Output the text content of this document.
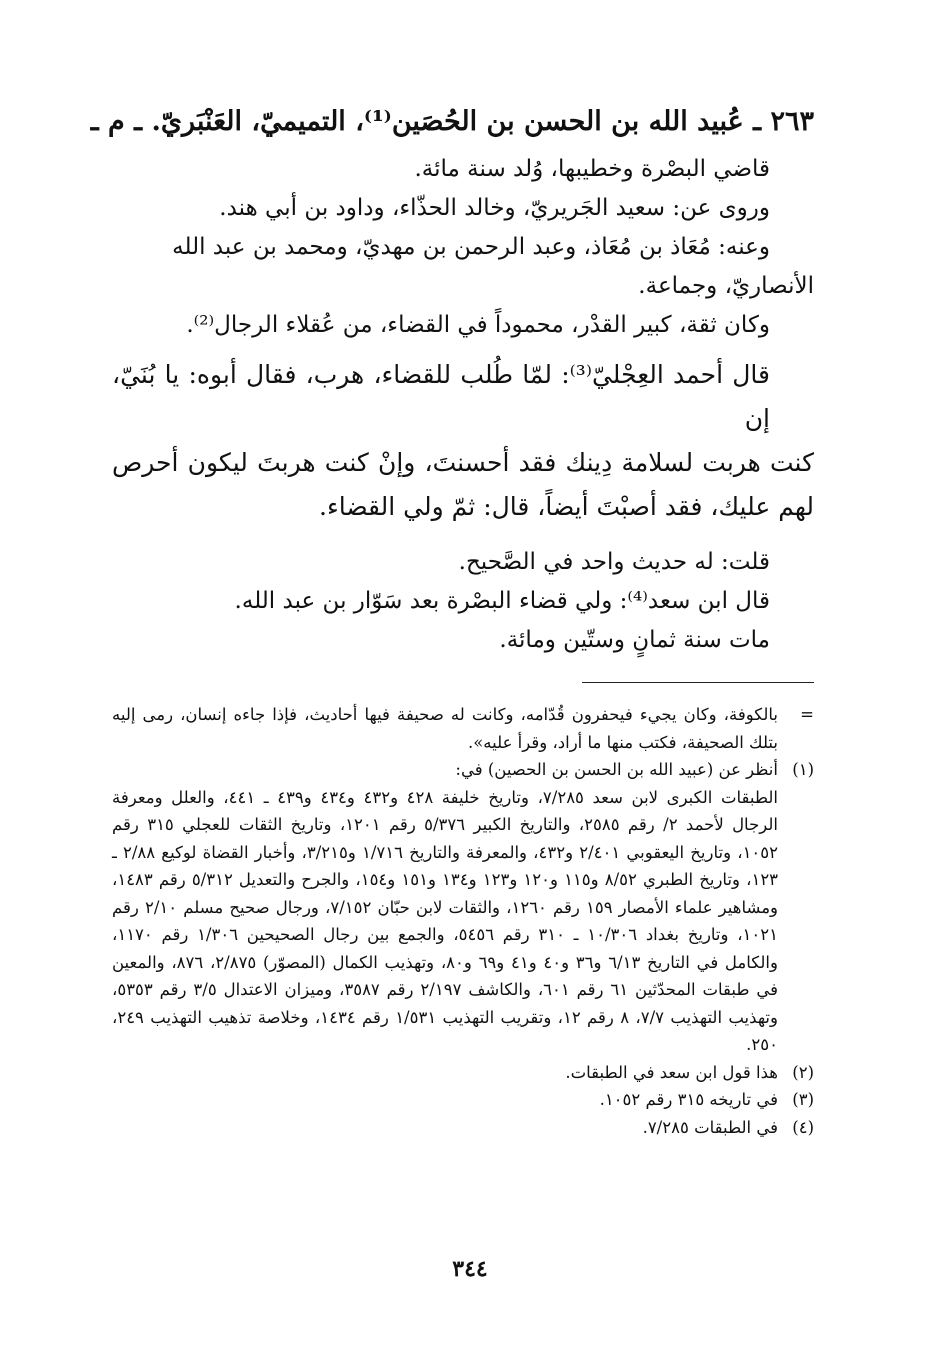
٢٦٣ ـ عُبيد الله بن الحسن بن الحُصَين⁽¹⁾، التميميّ، العَنْبَريّ. ـ م ـ

قاضي البصْرة وخطيبها، وُلد سنة مائة.

وروى عن: سعيد الجَريريّ، وخالد الحذّاء، وداود بن أبي هند.

وعنه: مُعَاذ بن مُعَاذ، وعبد الرحمن بن مهديّ، ومحمد بن عبد الله

الأنصاريّ، وجماعة.

وكان ثقة، كبير القدْر، محموداً في القضاء، من عُقلاء الرجال⁽²⁾.

قال أحمد العِجْليّ⁽³⁾: لمّا طُلب للقضاء، هرب، فقال أبوه: يا بُنَيّ، إن
كنت هربت لسلامة دِينك فقد أحسنتَ، وإنْ كنت هربتَ ليكون أحرص لهم عليك، فقد أصبْتَ أيضاً، قال: ثمّ ولي القضاء.

قلت: له حديث واحد في الصَّحيح.

قال ابن سعد⁽⁴⁾: ولي قضاء البصْرة بعد سَوّار بن عبد الله.

مات سنة ثمانٍ وستّين ومائة.

=
بالكوفة، وكان يجيء فيحفرون قُدّامه، وكانت له صحيفة فيها أحاديث، فإذا جاءه إنسان، رمى إليه بتلك الصحيفة، فكتب منها ما أراد، وقرأ عليه».
(١)
أنظر عن (عبيد الله بن الحسن بن الحصين) في:
الطبقات الكبرى لابن سعد ٧/٢٨٥، وتاريخ خليفة ٤٢٨ و٤٣٢ و٤٣٤ و٤٣٩ ـ ٤٤١، والعلل ومعرفة الرجال لأحمد ٢/ رقم ٢٥٨٥، والتاريخ الكبير ٥/٣٧٦ رقم ١٢٠١، وتاريخ الثقات للعجلي ٣١٥ رقم ١٠٥٢، وتاريخ اليعقوبي ٢/٤٠١ و٤٣٢، والمعرفة والتاريخ ١/٧١٦ و٣/٢١٥، وأخبار القضاة لوكيع ٢/٨٨ ـ ١٢٣، وتاريخ الطبري ٨/٥٢ و١١٥ و١٢٠ و١٢٣ و١٣٤ و١٥١ و١٥٤، والجرح والتعديل ٥/٣١٢ رقم ١٤٨٣، ومشاهير علماء الأمصار ١٥٩ رقم ١٢٦٠، والثقات لابن حبّان ٧/١٥٢، ورجال صحيح مسلم ٢/١٠ رقم ١٠٢١، وتاريخ بغداد ١٠/٣٠٦ ـ ٣١٠ رقم ٥٤٥٦، والجمع بين رجال الصحيحين ١/٣٠٦ رقم ١١٧٠، والكامل في التاريخ ٦/١٣ و٣٦ و٤٠ و٤١ و٦٩ و٨٠، وتهذيب الكمال (المصوّر) ٢/٨٧٥، ٨٧٦، والمعين في طبقات المحدّثين ٦١ رقم ٦٠١، والكاشف ٢/١٩٧ رقم ٣٥٨٧، وميزان الاعتدال ٣/٥ رقم ٥٣٥٣، وتهذيب التهذيب ٧/٧، ٨ رقم ١٢، وتقريب التهذيب ١/٥٣١ رقم ١٤٣٤، وخلاصة تذهيب التهذيب ٢٤٩، ٢٥٠.
(٢)
هذا قول ابن سعد في الطبقات.
(٣)
في تاريخه ٣١٥ رقم ١٠٥٢.
(٤)
في الطبقات ٧/٢٨٥.
٣٤٤
